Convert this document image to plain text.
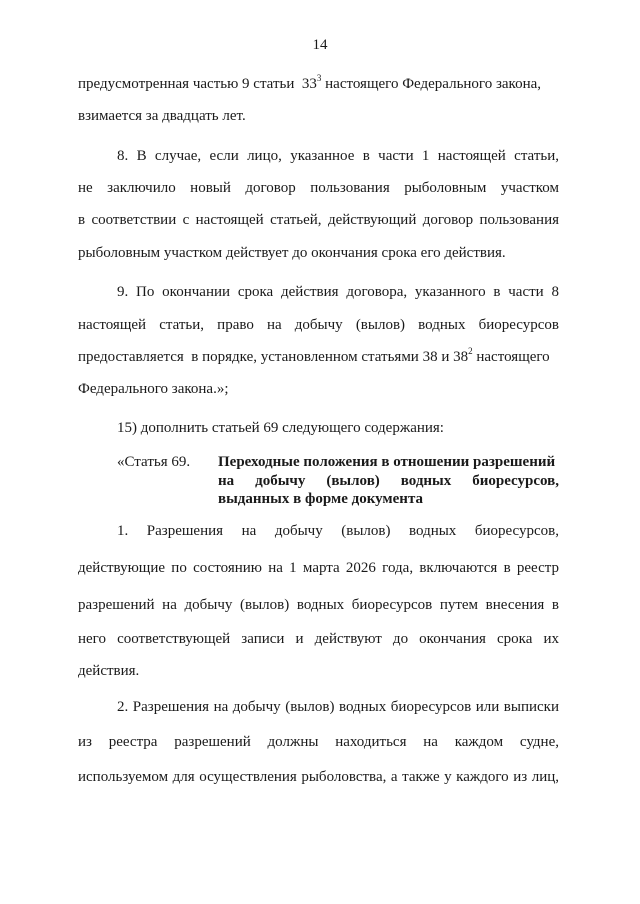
14
предусмотренная частью 9 статьи  $33^3$ настоящего Федерального закона,
взимается за двадцать лет.
8. В случае, если лицо, указанное в части 1 настоящей статьи,
не заключило новый договор пользования рыболовным участком
в соответствии с настоящей статьей, действующий договор пользования
рыболовным участком действует до окончания срока его действия.
9. По окончании срока действия договора, указанного в части 8
настоящей статьи, право на добычу (вылов) водных биоресурсов
предоставляется  в порядке, установленном статьями 38 и $38^2$ настоящего
Федерального закона.»;
15) дополнить статьей 69 следующего содержания:
«Статья 69. Переходные положения в отношении разрешений
на добычу (вылов) водных биоресурсов,
выданных в форме документа
1. Разрешения на добычу (вылов) водных биоресурсов,
действующие по состоянию на 1 марта 2026 года, включаются в реестр
разрешений на добычу (вылов) водных биоресурсов путем внесения в
него соответствующей записи и действуют до окончания срока их
действия.
2. Разрешения на добычу (вылов) водных биоресурсов или выписки
из реестра разрешений должны находиться на каждом судне,
используемом для осуществления рыболовства, а также у каждого из лиц,
